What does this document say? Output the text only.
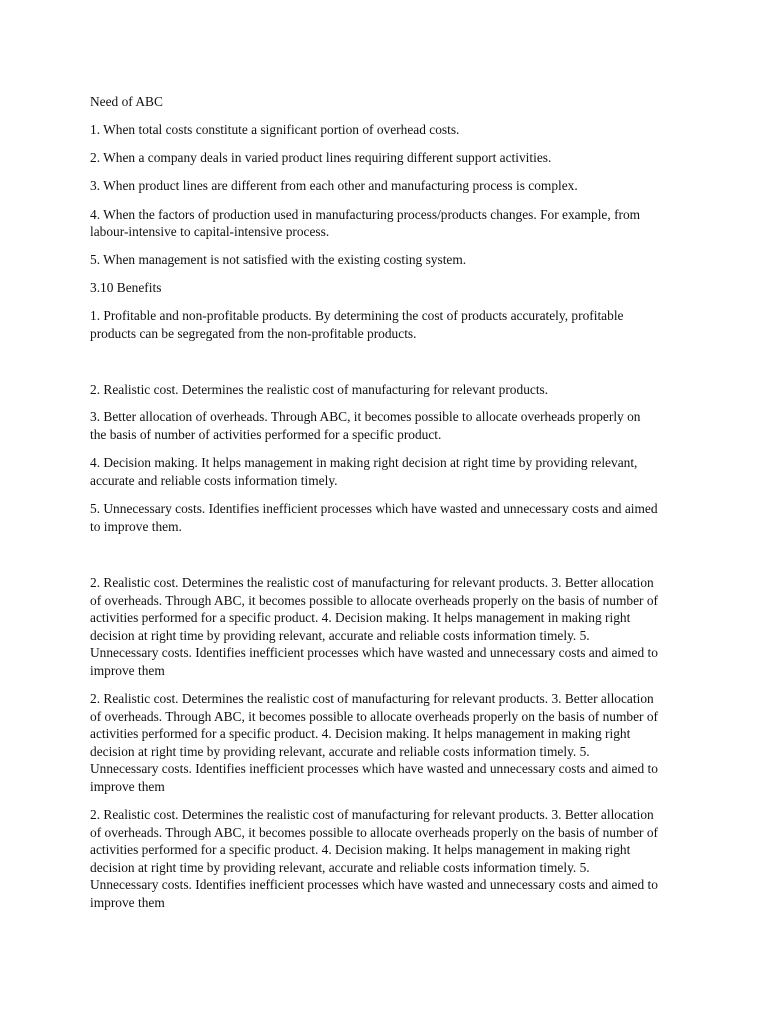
Need of ABC
1. When total costs constitute a significant portion of overhead costs.
2. When a company deals in varied product lines requiring different support activities.
3. When product lines are different from each other and manufacturing process is complex.
4. When the factors of production used in manufacturing process/products changes. For example, from
labour-intensive to capital-intensive process.
5. When management is not satisfied with the existing costing system.
3.10 Benefits
1. Profitable and non-profitable products. By determining the cost of products accurately, profitable
products can be segregated from the non-profitable products.
2. Realistic cost. Determines the realistic cost of manufacturing for relevant products.
3. Better allocation of overheads. Through ABC, it becomes possible to allocate overheads properly on
the basis of number of activities performed for a specific product.
4. Decision making. It helps management in making right decision at right time by providing relevant,
accurate and reliable costs information timely.
5. Unnecessary costs. Identifies inefficient processes which have wasted and unnecessary costs and aimed
to improve them.
2. Realistic cost. Determines the realistic cost of manufacturing for relevant products. 3. Better allocation
of overheads. Through ABC, it becomes possible to allocate overheads properly on the basis of number of
activities performed for a specific product. 4. Decision making. It helps management in making right
decision at right time by providing relevant, accurate and reliable costs information timely. 5.
Unnecessary costs. Identifies inefficient processes which have wasted and unnecessary costs and aimed to
improve them
2. Realistic cost. Determines the realistic cost of manufacturing for relevant products. 3. Better allocation
of overheads. Through ABC, it becomes possible to allocate overheads properly on the basis of number of
activities performed for a specific product. 4. Decision making. It helps management in making right
decision at right time by providing relevant, accurate and reliable costs information timely. 5.
Unnecessary costs. Identifies inefficient processes which have wasted and unnecessary costs and aimed to
improve them
2. Realistic cost. Determines the realistic cost of manufacturing for relevant products. 3. Better allocation
of overheads. Through ABC, it becomes possible to allocate overheads properly on the basis of number of
activities performed for a specific product. 4. Decision making. It helps management in making right
decision at right time by providing relevant, accurate and reliable costs information timely. 5.
Unnecessary costs. Identifies inefficient processes which have wasted and unnecessary costs and aimed to
improve them
